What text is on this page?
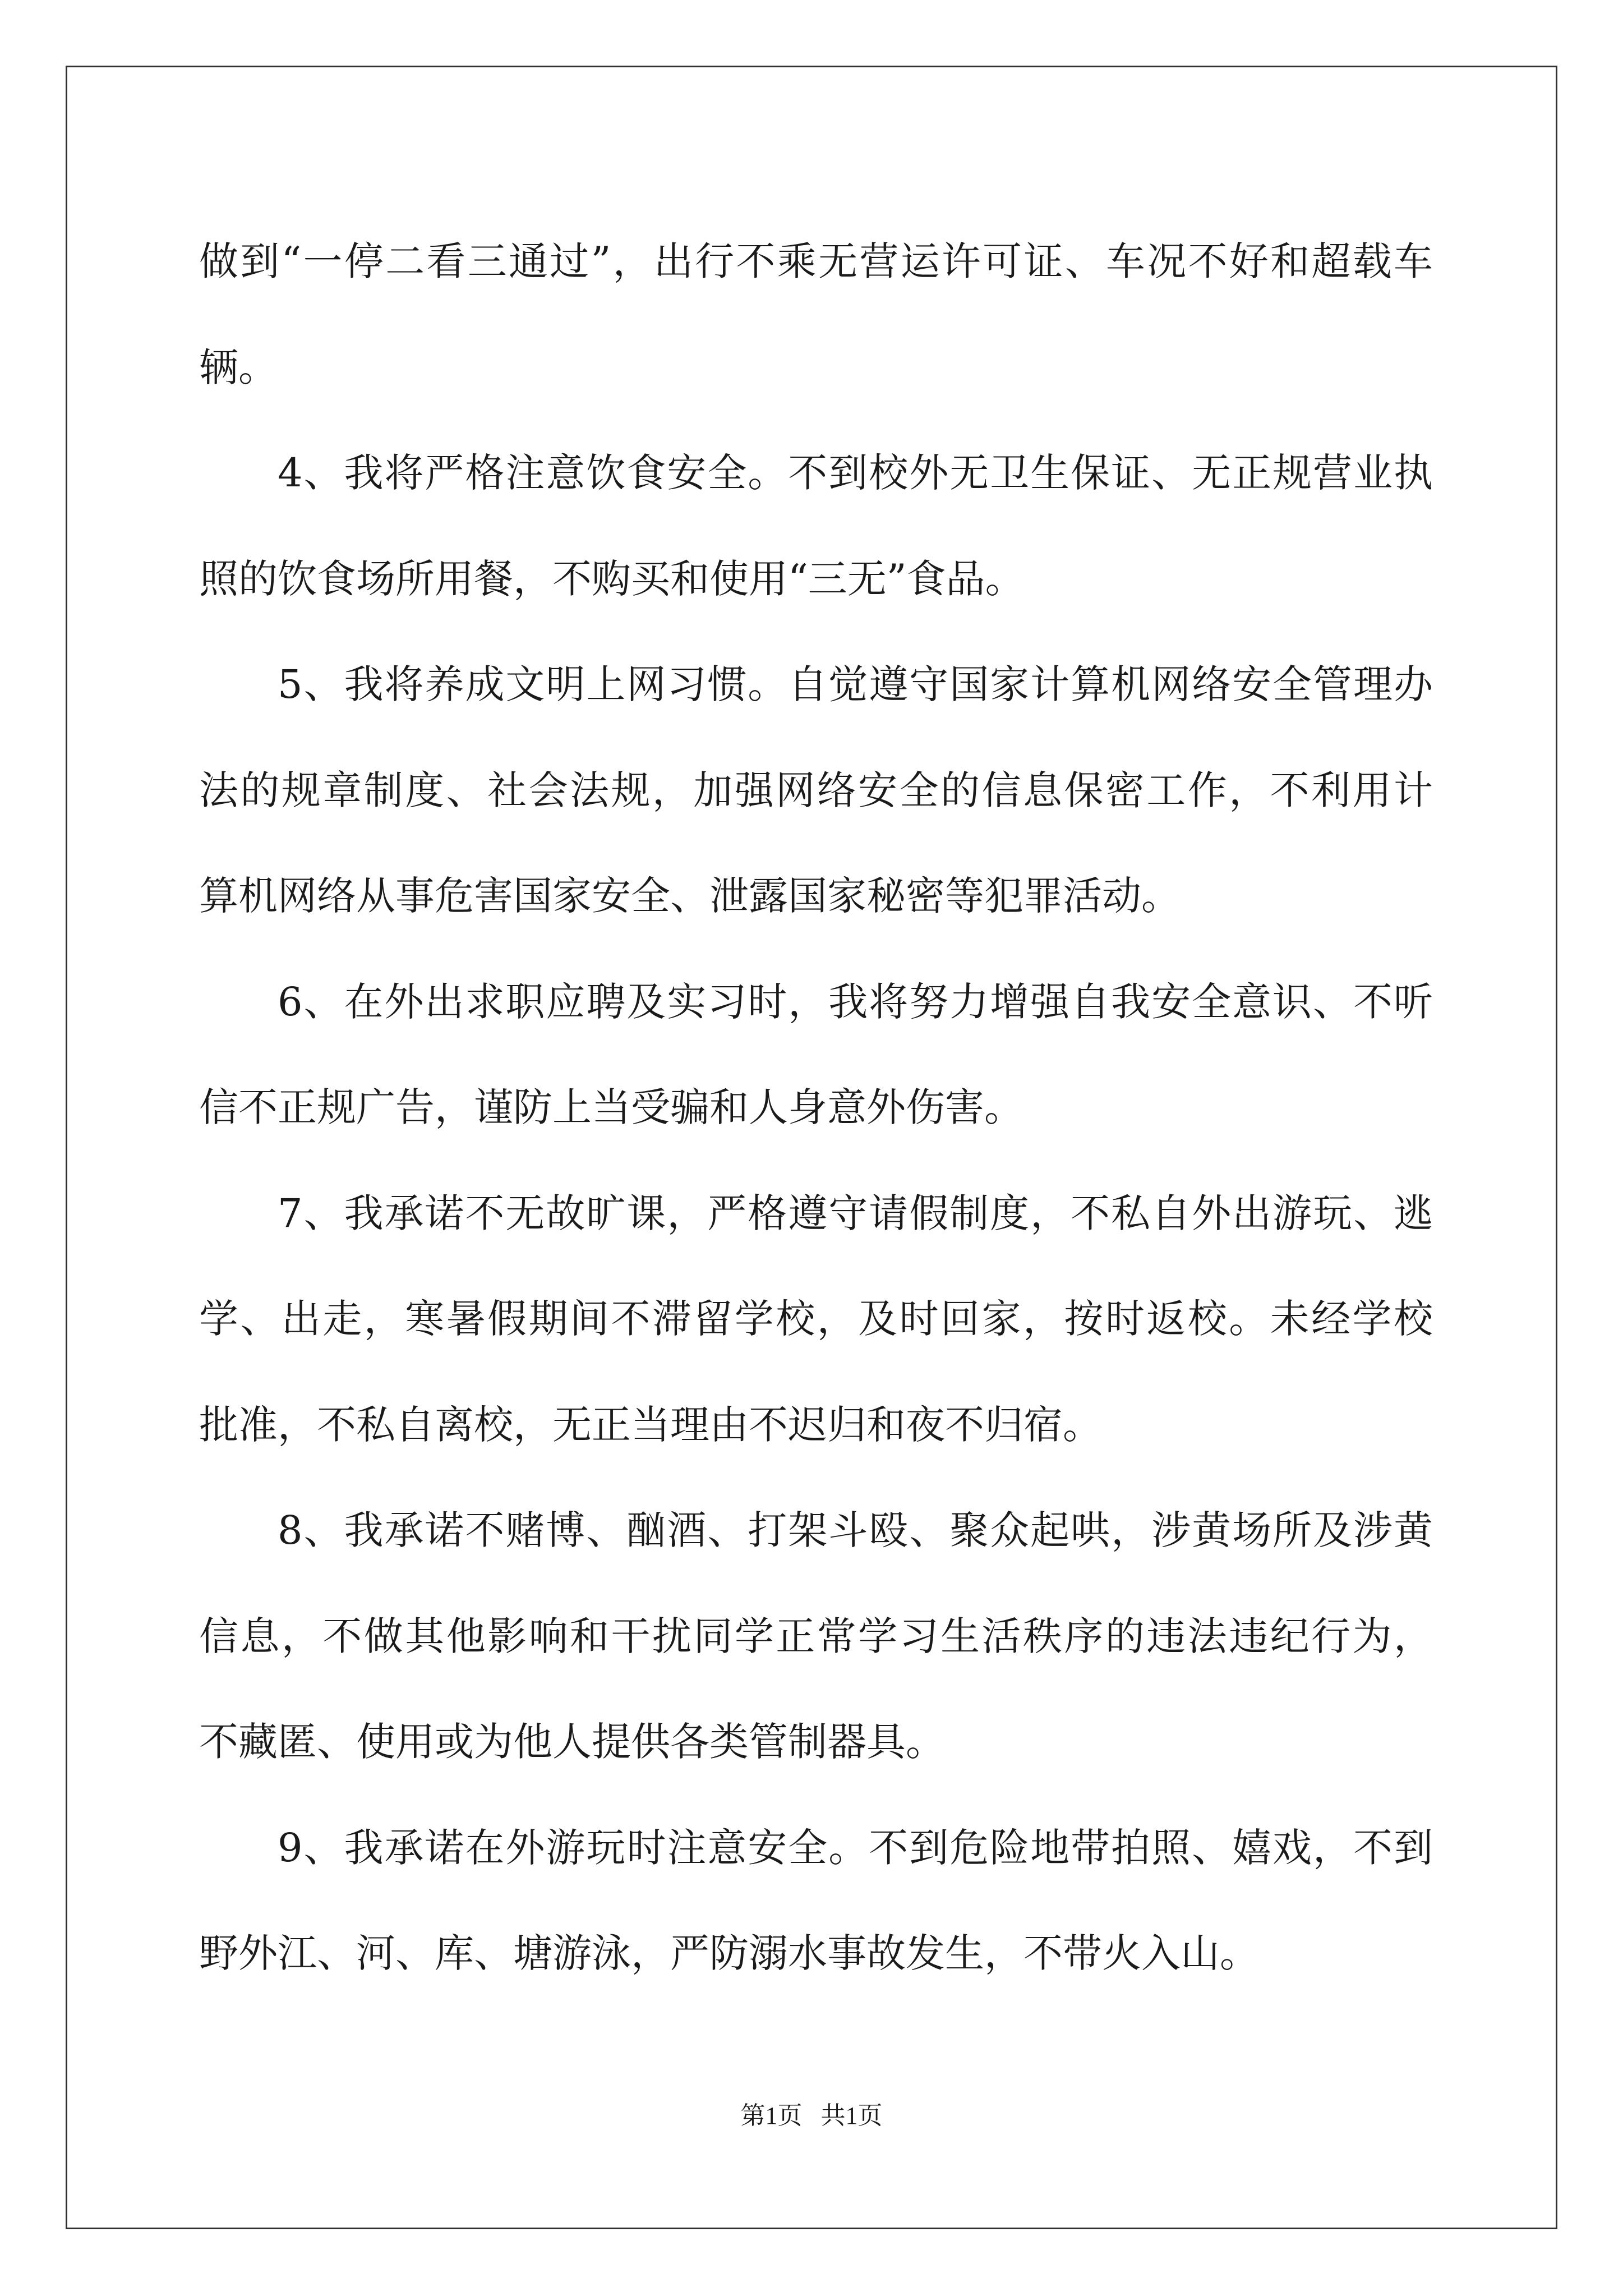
做到“一停二看三通过”，出行不乘无营运许可证、车况不好和超载车
辆。
4、我将严格注意饮食安全。不到校外无卫生保证、无正规营业执
照的饮食场所用餐，不购买和使用“三无”食品。
5、我将养成文明上网习惯。自觉遵守国家计算机网络安全管理办
法的规章制度、社会法规，加强网络安全的信息保密工作，不利用计
算机网络从事危害国家安全、泄露国家秘密等犯罪活动。
6、在外出求职应聘及实习时，我将努力增强自我安全意识、不听
信不正规广告，谨防上当受骗和人身意外伤害。
7、我承诺不无故旷课，严格遵守请假制度，不私自外出游玩、逃
学、出走，寒暑假期间不滞留学校，及时回家，按时返校。未经学校
批准，不私自离校，无正当理由不迟归和夜不归宿。
8、我承诺不赌博、酗酒、打架斗殴、聚众起哄，涉黄场所及涉黄
信息，不做其他影响和干扰同学正常学习生活秩序的违法违纪行为，
不藏匿、使用或为他人提供各类管制器具。
9、我承诺在外游玩时注意安全。不到危险地带拍照、嬉戏，不到
野外江、河、库、塘游泳，严防溺水事故发生，不带火入山。
第1页   共1页
